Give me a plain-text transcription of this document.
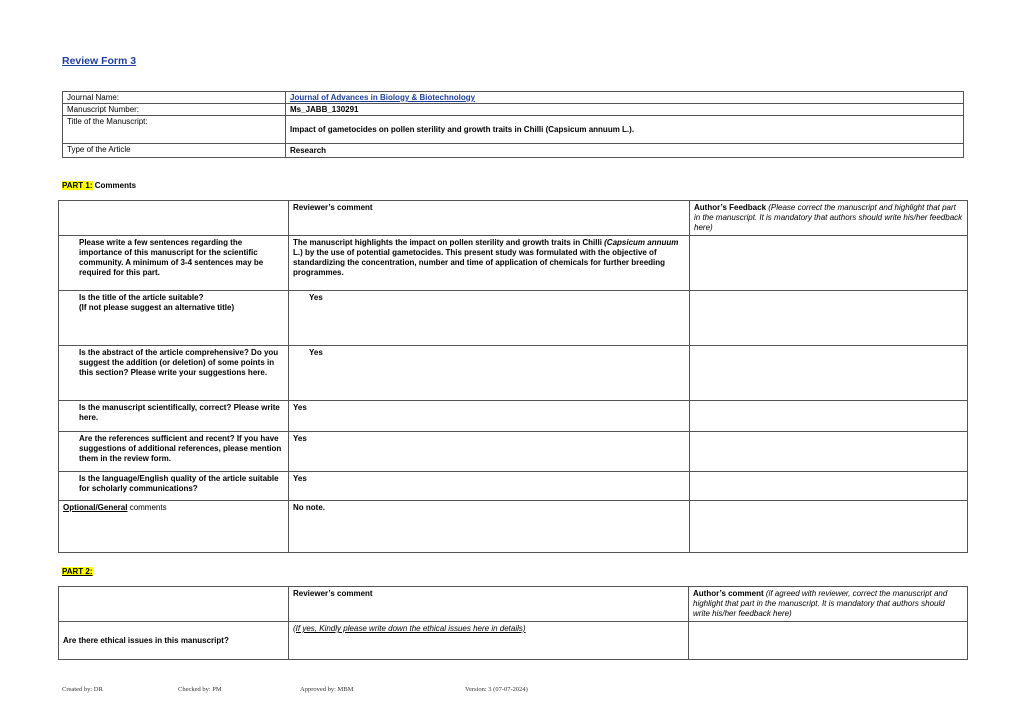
Review Form 3
Journal Name:	Journal of Advances in Biology & Biotechnology
Manuscript Number:	Ms_JABB_130291
Title of the Manuscript:	Impact of gametocides on pollen sterility and growth traits in Chilli (Capsicum annuum L.).
Type of the Article	Research
PART 1: Comments
	Reviewer’s comment	Author’s Feedback (Please correct the manuscript and highlight that part in the manuscript. It is mandatory that authors should write his/her feedback here)
Please write a few sentences regarding the importance of this manuscript for the scientific community. A minimum of 3-4 sentences may be required for this part.	The manuscript highlights the impact on pollen sterility and growth traits in Chilli (Capsicum annuum L.) by the use of potential gametocides. This present study was formulated with the objective of standardizing the concentration, number and time of application of chemicals for further breeding programmes.	
Is the title of the article suitable?
(If not please suggest an alternative title)	Yes	
Is the abstract of the article comprehensive? Do you suggest the addition (or deletion) of some points in this section? Please write your suggestions here.	Yes	
Is the manuscript scientifically, correct? Please write here.	Yes	
Are the references sufficient and recent? If you have suggestions of additional references, please mention them in the review form.	Yes	
Is the language/English quality of the article suitable for scholarly communications?	Yes	
Optional/General comments	No note.	
PART 2:
	Reviewer’s comment	Author’s comment (if agreed with reviewer, correct the manuscript and highlight that part in the manuscript. It is mandatory that authors should write his/her feedback here)
Are there ethical issues in this manuscript?	(If yes, Kindly please write down the ethical issues here in details)	
Created by: DR	Checked by: PM	Approved by: MBM	Version: 3 (07-07-2024)
